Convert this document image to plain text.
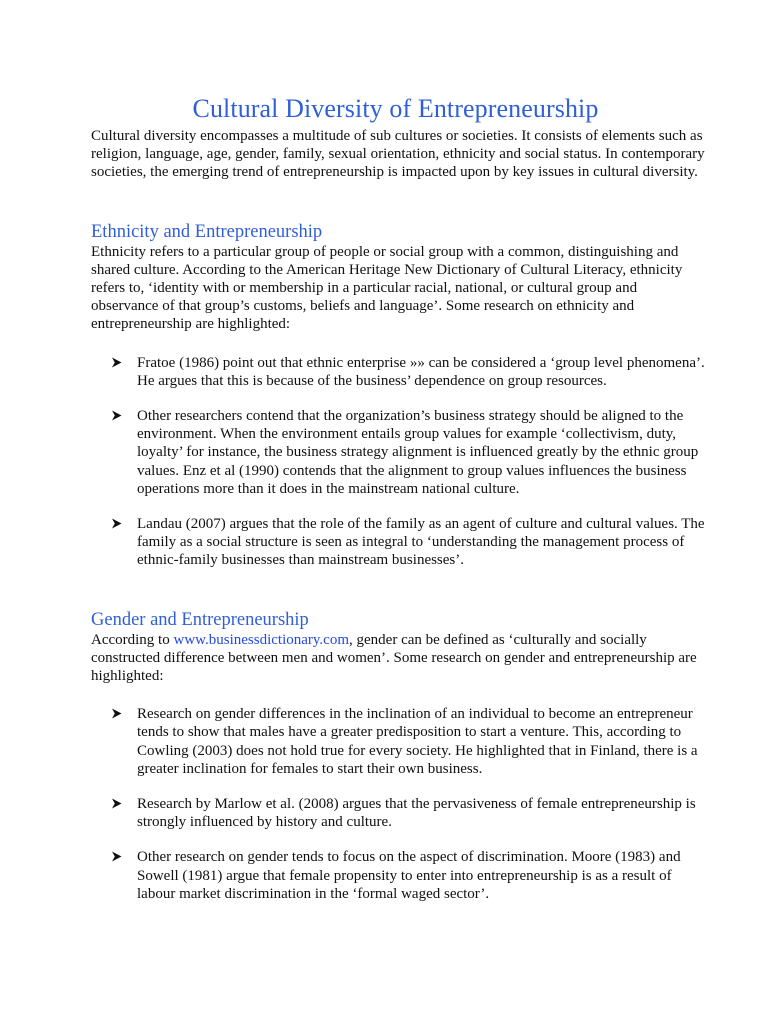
Cultural Diversity of Entrepreneurship

Cultural diversity encompasses a multitude of sub cultures or societies. It consists of elements such as religion, language, age, gender, family, sexual orientation, ethnicity and social status. In contemporary societies, the emerging trend of entrepreneurship is impacted upon by key issues in cultural diversity.

Ethnicity and Entrepreneurship

Ethnicity refers to a particular group of people or social group with a common, distinguishing and shared culture. According to the American Heritage New Dictionary of Cultural Literacy, ethnicity refers to, ‘identity with or membership in a particular racial, national, or cultural group and observance of that group’s customs, beliefs and language’. Some research on ethnicity and entrepreneurship are highlighted:

Fratoe (1986) point out that ethnic enterprise »» can be considered a ‘group level phenomena’. He argues that this is because of the business’ dependence on group resources.
Other researchers contend that the organization’s business strategy should be aligned to the environment. When the environment entails group values for example ‘collectivism, duty, loyalty’ for instance, the business strategy alignment is influenced greatly by the ethnic group values. Enz et al (1990) contends that the alignment to group values influences the business operations more than it does in the mainstream national culture.
Landau (2007) argues that the role of the family as an agent of culture and cultural values. The family as a social structure is seen as integral to ‘understanding the management process of ethnic-family businesses than mainstream businesses’.
Gender and Entrepreneurship

According to www.businessdictionary.com, gender can be defined as ‘culturally and socially constructed difference between men and women’. Some research on gender and entrepreneurship are highlighted:

Research on gender differences in the inclination of an individual to become an entrepreneur tends to show that males have a greater predisposition to start a venture. This, according to Cowling (2003) does not hold true for every society. He highlighted that in Finland, there is a greater inclination for females to start their own business.
Research by Marlow et al. (2008) argues that the pervasiveness of female entrepreneurship is strongly influenced by history and culture.
Other research on gender tends to focus on the aspect of discrimination. Moore (1983) and Sowell (1981) argue that female propensity to enter into entrepreneurship is as a result of labour market discrimination in the ‘formal waged sector’.
